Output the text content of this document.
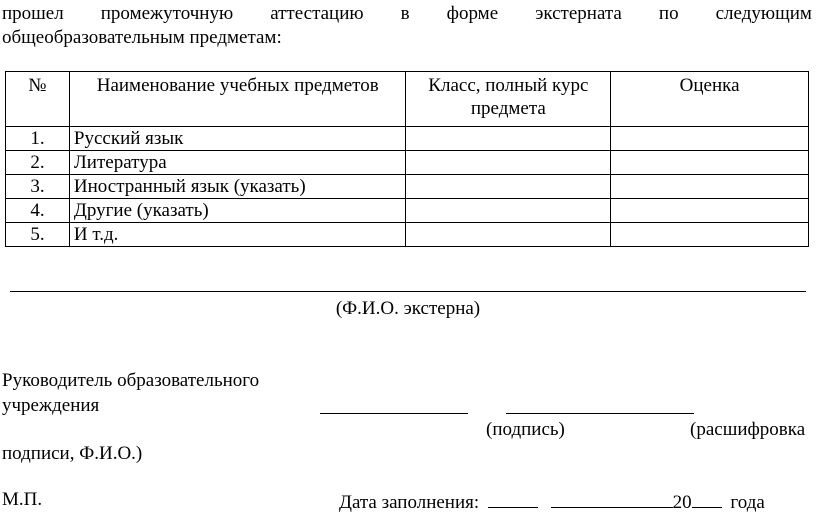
прошел промежуточную аттестацию в форме экстерната по следующим
общеобразовательным предметам:
№	Наименование учебных предметов	Класс, полный курс предмета	Оценка
1.	Русский язык		
2.	Литература		
3.	Иностранный язык (указать)		
4.	Другие (указать)		
5.	И т.д.		
(Ф.И.О. экстерна)
Руководитель образовательного
учреждения
(подпись)	(расшифровка
подписи, Ф.И.О.)
М.П.	Дата заполнения:	20 года
